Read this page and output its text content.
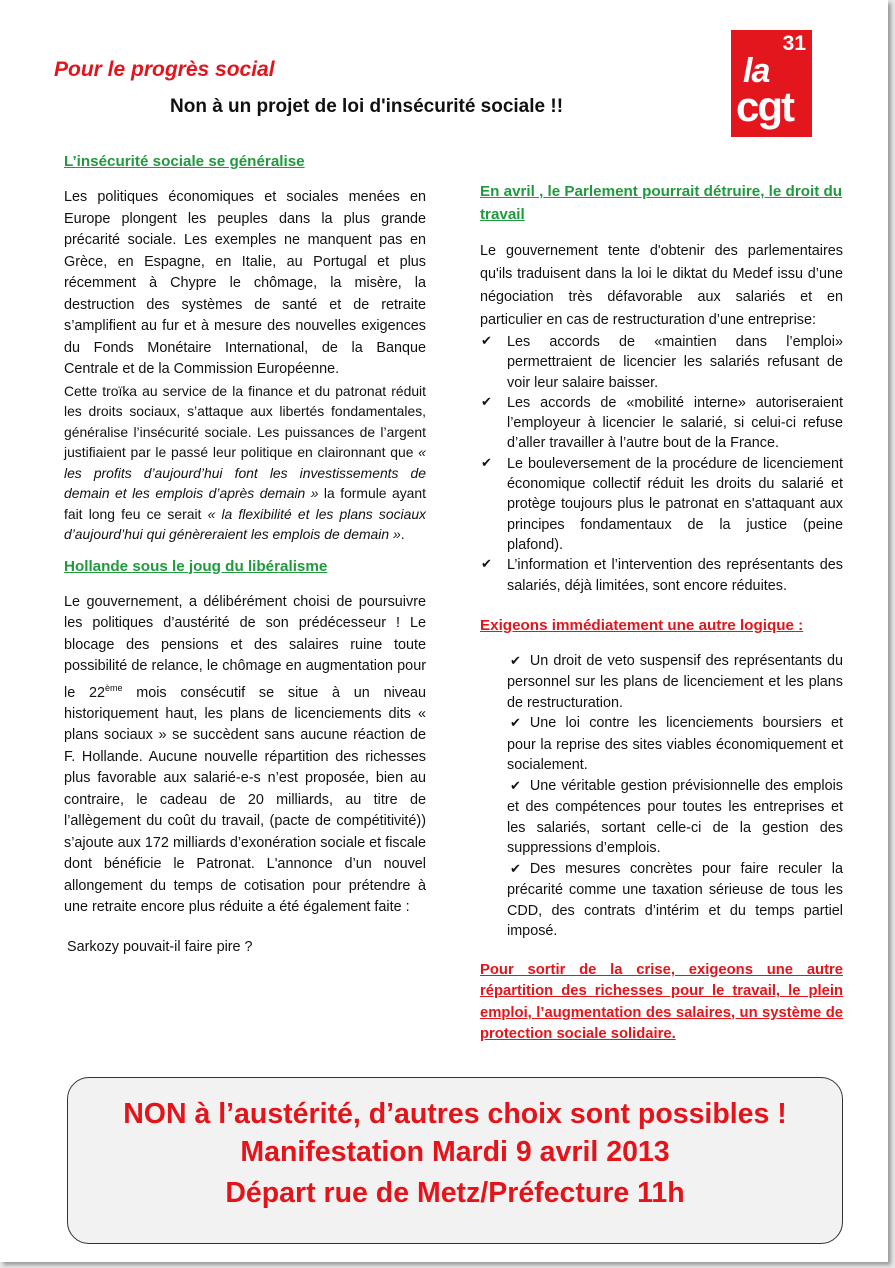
Pour le progrès social
Non à un projet de loi d'insécurité sociale !!
31
la
cgt
L’insécurité sociale se généralise

Les politiques économiques et sociales menées en Europe plongent les peuples dans la plus grande précarité sociale. Les exemples ne manquent pas en Grèce, en Espagne, en Italie, au Portugal et plus récemment à Chypre le chômage, la misère, la destruction des systèmes de santé et de retraite s’amplifient au fur et à mesure des nouvelles exigences du Fonds Monétaire International, de la Banque Centrale et de la Commission Européenne.

Cette troïka au service de la finance et du patronat réduit les droits sociaux, s’attaque aux libertés fondamentales, généralise l’insécurité sociale. Les puissances de l’argent justifiaient par le passé leur politique en claironnant que « les profits d’aujourd’hui font les investissements de demain et les emplois d’après demain » la formule ayant fait long feu ce serait « la flexibilité et les plans sociaux d’aujourd’hui qui génèreraient les emplois de demain ».

Hollande sous le joug du libéralisme

Le gouvernement, a délibérément choisi de poursuivre les politiques d’austérité de son prédécesseur ! Le blocage des pensions et des salaires ruine toute possibilité de relance, le chômage en augmentation pour le 22ème mois consécutif se situe à un niveau historiquement haut, les plans de licenciements dits « plans sociaux » se succèdent sans aucune réaction de F. Hollande. Aucune nouvelle répartition des richesses plus favorable aux salarié-e-s n’est proposée, bien au contraire, le cadeau de 20 milliards, au titre de l’allègement du coût du travail, (pacte de compétitivité)) s’ajoute aux 172 milliards d’exonération sociale et fiscale dont bénéficie le Patronat. L'annonce d’un nouvel allongement du temps de cotisation pour prétendre à une retraite encore plus réduite a été également faite :

Sarkozy pouvait-il faire pire ?

En avril , le Parlement pourrait détruire, le droit du travail

Le gouvernement tente d'obtenir des parlementaires qu'ils traduisent dans la loi le diktat du Medef issu d’une négociation très défavorable aux salariés et en particulier en cas de restructuration d’une entreprise:

✔ Les accords de «maintien dans l’emploi» permettraient de licencier les salariés refusant de voir leur salaire baisser.
✔ Les accords de «mobilité interne» autoriseraient l’employeur à licencier le salarié, si celui-ci refuse d’aller travailler à l’autre bout de la France.
✔ Le bouleversement de la procédure de licenciement économique collectif réduit les droits du salarié et protège toujours plus le patronat en s'attaquant aux principes fondamentaux de la justice (peine plafond).
✔ L’information et l’intervention des représentants des salariés, déjà limitées, sont encore réduites.
Exigeons immédiatement une autre logique :
✔ Un droit de veto suspensif des représentants du personnel sur les plans de licenciement et les plans de restructuration.
✔ Une loi contre les licenciements boursiers et pour la reprise des sites viables économiquement et socialement.
✔ Une véritable gestion prévisionnelle des emplois et des compétences pour toutes les entreprises et les salariés, sortant celle-ci de la gestion des suppressions d’emplois.
✔ Des mesures concrètes pour faire reculer la précarité comme une taxation sérieuse de tous les CDD, des contrats d’intérim et du temps partiel imposé.

Pour sortir de la crise, exigeons une autre répartition des richesses pour le travail, le plein emploi, l’augmentation des salaires, un système de protection sociale solidaire.

NON à l’austérité, d’autres choix sont possibles !
Manifestation Mardi 9 avril 2013
Départ rue de Metz/Préfecture 11h
